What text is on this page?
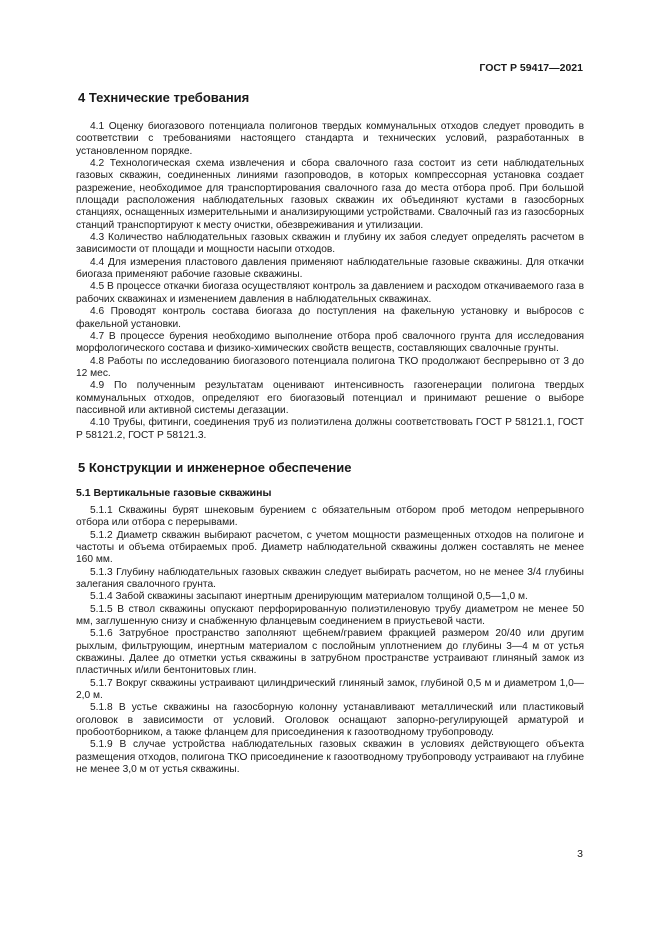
ГОСТ Р 59417—2021
4 Технические требования

4.1 Оценку биогазового потенциала полигонов твердых коммунальных отходов следует проводить в соответствии с требованиями настоящего стандарта и технических условий, разработанных в установленном порядке.

4.2 Технологическая схема извлечения и сбора свалочного газа состоит из сети наблюдательных газовых скважин, соединенных линиями газопроводов, в которых компрессорная установка создает разрежение, необходимое для транспортирования свалочного газа до места отбора проб. При большой площади расположения наблюдательных газовых скважин их объединяют кустами в газосборных станциях, оснащенных измерительными и анализирующими устройствами. Свалочный газ из газосборных станций транспортируют к месту очистки, обезвреживания и утилизации.

4.3 Количество наблюдательных газовых скважин и глубину их забоя следует определять расчетом в зависимости от площади и мощности насыпи отходов.

4.4 Для измерения пластового давления применяют наблюдательные газовые скважины. Для откачки биогаза применяют рабочие газовые скважины.

4.5 В процессе откачки биогаза осуществляют контроль за давлением и расходом откачиваемого газа в рабочих скважинах и изменением давления в наблюдательных скважинах.

4.6 Проводят контроль состава биогаза до поступления на факельную установку и выбросов с факельной установки.

4.7 В процессе бурения необходимо выполнение отбора проб свалочного грунта для исследования морфологического состава и физико-химических свойств веществ, составляющих свалочные грунты.

4.8 Работы по исследованию биогазового потенциала полигона ТКО продолжают беспрерывно от 3 до 12 мес.

4.9 По полученным результатам оценивают интенсивность газогенерации полигона твердых коммунальных отходов, определяют его биогазовый потенциал и принимают решение о выборе пассивной или активной системы дегазации.

4.10 Трубы, фитинги, соединения труб из полиэтилена должны соответствовать ГОСТ Р 58121.1, ГОСТ Р 58121.2, ГОСТ Р 58121.3.

5 Конструкции и инженерное обеспечение
5.1 Вертикальные газовые скважины

5.1.1 Скважины бурят шнековым бурением с обязательным отбором проб методом непрерывного отбора или отбора с перерывами.

5.1.2 Диаметр скважин выбирают расчетом, с учетом мощности размещенных отходов на полигоне и частоты и объема отбираемых проб. Диаметр наблюдательной скважины должен составлять не менее 160 мм.

5.1.3 Глубину наблюдательных газовых скважин следует выбирать расчетом, но не менее 3/4 глубины залегания свалочного грунта.

5.1.4 Забой скважины засыпают инертным дренирующим материалом толщиной 0,5—1,0 м.

5.1.5 В ствол скважины опускают перфорированную полиэтиленовую трубу диаметром не менее 50 мм, заглушенную снизу и снабженную фланцевым соединением в приустьевой части.

5.1.6 Затрубное пространство заполняют щебнем/гравием фракцией размером 20/40 или другим рыхлым, фильтрующим, инертным материалом с послойным уплотнением до глубины 3—4 м от устья скважины. Далее до отметки устья скважины в затрубном пространстве устраивают глиняный замок из пластичных и/или бентонитовых глин.

5.1.7 Вокруг скважины устраивают цилиндрический глиняный замок, глубиной 0,5 м и диаметром 1,0—2,0 м.

5.1.8 В устье скважины на газосборную колонну устанавливают металлический или пластиковый оголовок в зависимости от условий. Оголовок оснащают запорно-регулирующей арматурой и пробоотборником, а также фланцем для присоединения к газоотводному трубопроводу.

5.1.9 В случае устройства наблюдательных газовых скважин в условиях действующего объекта размещения отходов, полигона ТКО присоединение к газоотводному трубопроводу устраивают на глубине не менее 3,0 м от устья скважины.

3
